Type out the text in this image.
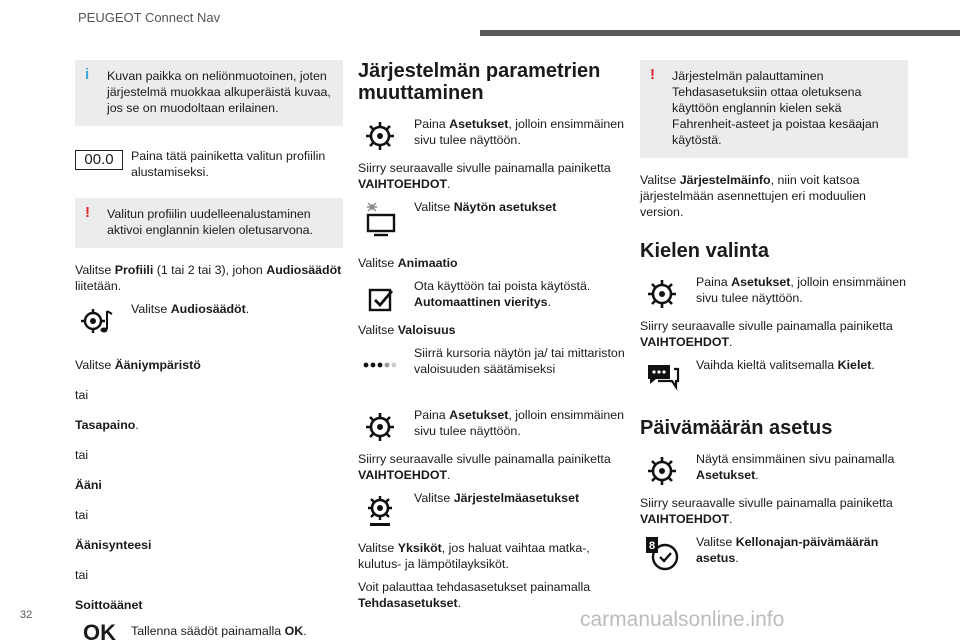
PEUGEOT Connect Nav
i Kuvan paikka on neliönmuotoinen, joten järjestelmä muokkaa alkuperäistä kuvaa, jos se on muodoltaan erilainen.
00.0	Paina tätä painiketta valitun profiilin alustamiseksi.
! Valitun profiilin uudelleenalustaminen aktivoi englannin kielen oletusarvona.

Valitse Profiili (1 tai 2 tai 3), johon Audiosäädöt liitetään.

Valitse Audiosäädöt.

Valitse Ääniympäristö

tai

Tasapaino.

tai

Ääni

tai

Äänisynteesi

tai

Soittoäänet

OK Tallenna säädöt painamalla OK.
Järjestelmän parametrien muuttaminen
Paina Asetukset, jolloin ensimmäinen sivu tulee näyttöön.

Siirry seuraavalle sivulle painamalla painiketta VAIHTOEHDOT.

Valitse Näytön asetukset

Valitse Animaatio

Ota käyttöön tai poista käytöstä. Automaattinen vieritys.

Valitse Valoisuus

Siirrä kursoria näytön ja/ tai mittariston valoisuuden säätämiseksi
Paina Asetukset, jolloin ensimmäinen sivu tulee näyttöön.

Siirry seuraavalle sivulle painamalla painiketta VAIHTOEHDOT.

Valitse Järjestelmäasetukset

Valitse Yksiköt, jos haluat vaihtaa matka-, kulutus- ja lämpötilayksiköt.

Voit palauttaa tehdasasetukset painamalla Tehdasasetukset.

! Järjestelmän palauttaminen Tehdasasetuksiin ottaa oletuksena käyttöön englannin kielen sekä Fahrenheit-asteet ja poistaa kesäajan käytöstä.

Valitse Järjestelmäinfo, niin voit katsoa järjestelmään asennettujen eri moduulien version.

Kielen valinta
Paina Asetukset, jolloin ensimmäinen sivu tulee näyttöön.

Siirry seuraavalle sivulle painamalla painiketta VAIHTOEHDOT.

Vaihda kieltä valitsemalla Kielet.
Päivämäärän asetus
Näytä ensimmäinen sivu painamalla Asetukset.

Siirry seuraavalle sivulle painamalla painiketta VAIHTOEHDOT.

8	Valitse Kellonajan-päivämäärän asetus.
32	carmanualsonline.info
